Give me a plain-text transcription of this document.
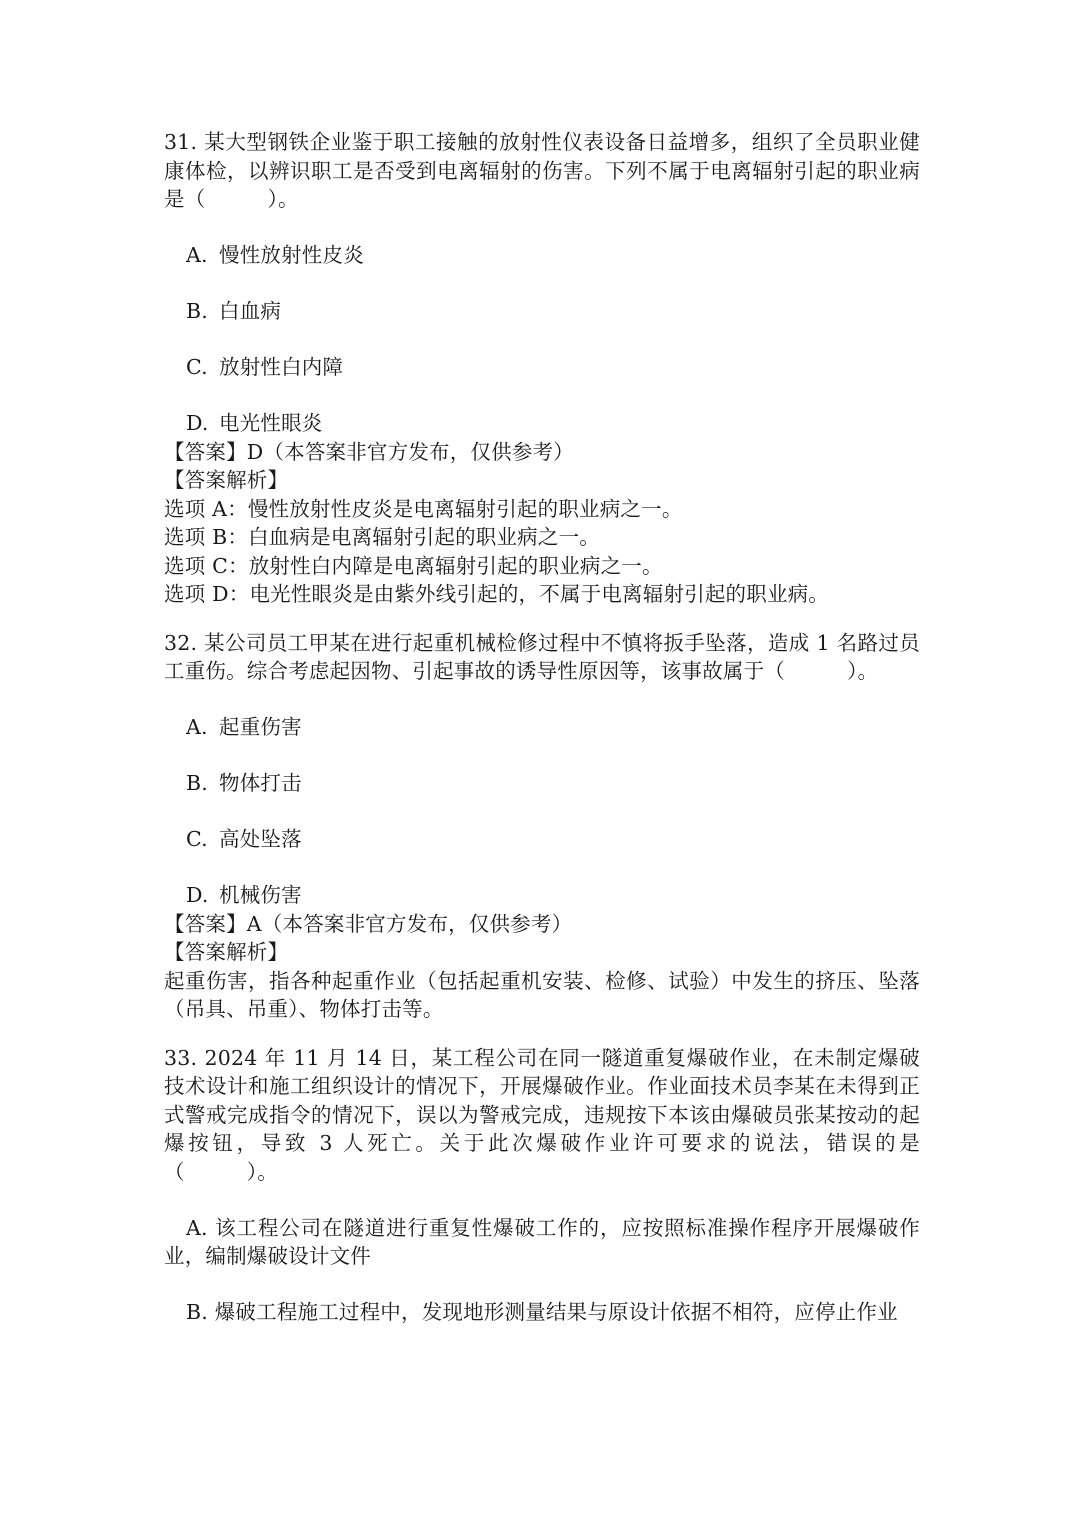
31. 某大型钢铁企业鉴于职工接触的放射性仪表设备日益增多，组织了全员职业健康体检，以辨识职工是否受到电离辐射的伤害。下列不属于电离辐射引起的职业病是（　　　）。

A. 慢性放射性皮炎

B. 白血病

C. 放射性白内障

D. 电光性眼炎

【答案】D（本答案非官方发布，仅供参考）

【答案解析】

选项 A：慢性放射性皮炎是电离辐射引起的职业病之一。

选项 B：白血病是电离辐射引起的职业病之一。

选项 C：放射性白内障是电离辐射引起的职业病之一。

选项 D：电光性眼炎是由紫外线引起的，不属于电离辐射引起的职业病。

32. 某公司员工甲某在进行起重机械检修过程中不慎将扳手坠落，造成 1 名路过员工重伤。综合考虑起因物、引起事故的诱导性原因等，该事故属于（　　　）。

A. 起重伤害

B. 物体打击

C. 高处坠落

D. 机械伤害

【答案】A（本答案非官方发布，仅供参考）

【答案解析】

起重伤害，指各种起重作业（包括起重机安装、检修、试验）中发生的挤压、坠落（吊具、吊重）、物体打击等。

33. 2024 年 11 月 14 日，某工程公司在同一隧道重复爆破作业，在未制定爆破技术设计和施工组织设计的情况下，开展爆破作业。作业面技术员李某在未得到正式警戒完成指令的情况下，误以为警戒完成，违规按下本该由爆破员张某按动的起爆按钮，导致 3 人死亡。关于此次爆破作业许可要求的说法，错误的是（　　　）。

A. 该工程公司在隧道进行重复性爆破工作的，应按照标准操作程序开展爆破作业，编制爆破设计文件

B. 爆破工程施工过程中，发现地形测量结果与原设计依据不相符，应停止作业
